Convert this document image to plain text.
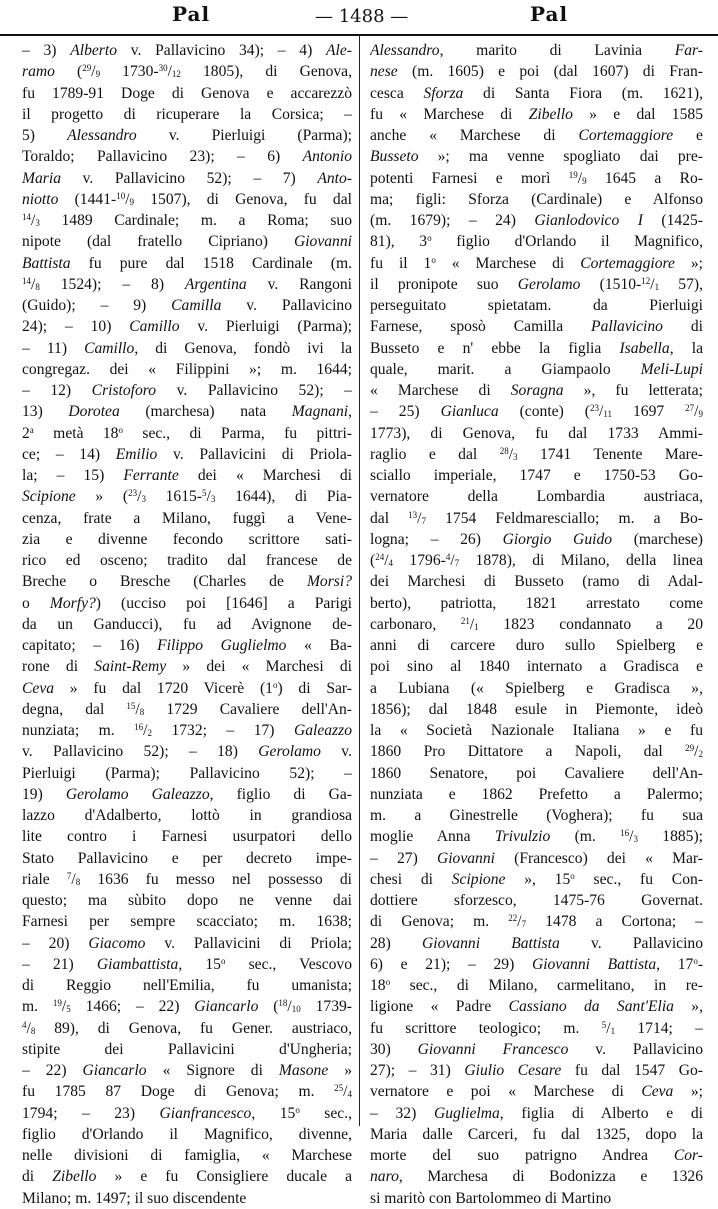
Pal	— 1488 —	Pal
– 3) Alberto v. Pallavicino 34); – 4) Ale-
ramo ($^{29}/_9$ $1730-^{30}/_{12}$ 1805), di Genova,
fu 1789-91 Doge di Genova e accarezzò
il progetto di ricuperare la Corsica; –
5) Alessandro v. Pierluigi (Parma);
Toraldo; Pallavicino 23); – 6) Antonio
Maria v. Pallavicino 52); – 7) Anto-
niotto ($1441-^{10}/_9$ 1507), di Genova, fu dal
$^{14}/_3$ 1489 Cardinale; m. a Roma; suo
nipote (dal fratello Cipriano) Giovanni
Battista fu pure dal 1518 Cardinale (m.
$^{14}/_8$ 1524); – 8) Argentina v. Rangoni
(Guido); – 9) Camilla v. Pallavicino
24); – 10) Camillo v. Pierluigi (Parma);
– 11) Camillo, di Genova, fondò ivi la
congregaz. dei « Filippini »; m. 1644;
– 12) Cristoforo v. Pallavicino 52); –
13) Dorotea (marchesa) nata Magnani,
2$^a$ metà 18$^o$ sec., di Parma, fu pittri-
ce; – 14) Emilio v. Pallavicini di Priola-
la; – 15) Ferrante dei « Marchesi di
Scipione » ($^{23}/_3$ $1615-^5/_3$ 1644), di Pia-
cenza, frate a Milano, fuggì a Vene-
zia e divenne fecondo scrittore sati-
rico ed osceno; tradito dal francese de
Breche o Bresche (Charles de Morsi?
o Morfy?) (ucciso poi [1646] a Parigi
da un Ganducci), fu ad Avignone de-
capitato; – 16) Filippo Guglielmo « Ba-
rone di Saint-Remy » dei « Marchesi di
Ceva » fu dal 1720 Vicerè (1$^o$) di Sar-
degna, dal $^{15}/_8$ 1729 Cavaliere dell'An-
nunziata; m. $^{16}/_2$ 1732; – 17) Galeazzo
v. Pallavicino 52); – 18) Gerolamo v.
Pierluigi (Parma); Pallavicino 52); –
19) Gerolamo Galeazzo, figlio di Ga-
lazzo d'Adalberto, lottò in grandiosa
lite contro i Farnesi usurpatori dello
Stato Pallavicino e per decreto impe-
riale $^7/_8$ 1636 fu messo nel possesso di
questo; ma sùbito dopo ne venne dai
Farnesi per sempre scacciato; m. 1638;
– 20) Giacomo v. Pallavicini di Priola;
– 21) Giambattista, 15$^o$ sec., Vescovo
di Reggio nell'Emilia, fu umanista;
m. $^{19}/_5$ 1466; – 22) Giancarlo ($^{18}/_{10}$ 1739-
$^4/_8$ 89), di Genova, fu Gener. austriaco,
stipite dei Pallavicini d'Ungheria;
– 22) Giancarlo « Signore di Masone »
fu 1785 87 Doge di Genova; m. $^{25}/_4$
1794; – 23) Gianfrancesco, 15$^o$ sec.,
figlio d'Orlando il Magnifico, divenne,
nelle divisioni di famiglia, « Marchese
di Zibello » e fu Consigliere ducale a
Milano; m. 1497; il suo discendente
Alessandro, marito di Lavinia Far-
nese (m. 1605) e poi (dal 1607) di Fran-
cesca Sforza di Santa Fiora (m. 1621),
fu « Marchese di Zibello » e dal 1585
anche « Marchese di Cortemaggiore e
Busseto »; ma venne spogliato dai pre-
potenti Farnesi e morì $^{19}/_9$ 1645 a Ro-
ma; figli: Sforza (Cardinale) e Alfonso
(m. 1679); – 24) Gianlodovico I (1425-
81), 3$^o$ figlio d'Orlando il Magnifico,
fu il 1$^o$ « Marchese di Cortemaggiore »;
il pronipote suo Gerolamo ($1510-^{12}/_1$ 57),
perseguitato spietatam. da Pierluigi
Farnese, sposò Camilla Pallavicino di
Busseto e n' ebbe la figlia Isabella, la
quale, marit. a Giampaolo Meli-Lupi
« Marchese di Soragna », fu letterata;
– 25) Gianluca (conte) ($^{23}/_{11}$ 1697 $^{27}/_9$
1773), di Genova, fu dal 1733 Ammi-
raglio e dal $^{28}/_3$ 1741 Tenente Mare-
sciallo imperiale, 1747 e 1750-53 Go-
vernatore della Lombardia austriaca,
dal $^{13}/_7$ 1754 Feldmaresciallo; m. a Bo-
logna; – 26) Giorgio Guido (marchese)
($^{24}/_4$ $1796-^4/_7$ 1878), di Milano, della linea
dei Marchesi di Busseto (ramo di Adal-
berto), patriotta, 1821 arrestato come
carbonaro, $^{21}/_1$ 1823 condannato a 20
anni di carcere duro sullo Spielberg e
poi sino al 1840 internato a Gradisca e
a Lubiana (« Spielberg e Gradisca »,
1856); dal 1848 esule in Piemonte, ideò
la « Società Nazionale Italiana » e fu
1860 Pro Dittatore a Napoli, dal $^{29}/_2$
1860 Senatore, poi Cavaliere dell'An-
nunziata e 1862 Prefetto a Palermo;
m. a Ginestrelle (Voghera); fu sua
moglie Anna Trivulzio (m. $^{16}/_3$ 1885);
– 27) Giovanni (Francesco) dei « Mar-
chesi di Scipione », 15$^o$ sec., fu Con-
dottiere sforzesco, 1475-76 Governat.
di Genova; m. $^{22}/_7$ 1478 a Cortona; –
28) Giovanni Battista v. Pallavicino
6) e 21); – 29) Giovanni Battista, 17$^o$-
18$^o$ sec., di Milano, carmelitano, in re-
ligione « Padre Cassiano da Sant'Elia »,
fu scrittore teologico; m. $^5/_1$ 1714; –
30) Giovanni Francesco v. Pallavicino
27); – 31) Giulio Cesare fu dal 1547 Go-
vernatore e poi « Marchese di Ceva »;
– 32) Guglielma, figlia di Alberto e di
Maria dalle Carceri, fu dal 1325, dopo la
morte del suo patrigno Andrea Cor-
naro, Marchesa di Bodonizza e 1326
si maritò con Bartolommeo di Martino
